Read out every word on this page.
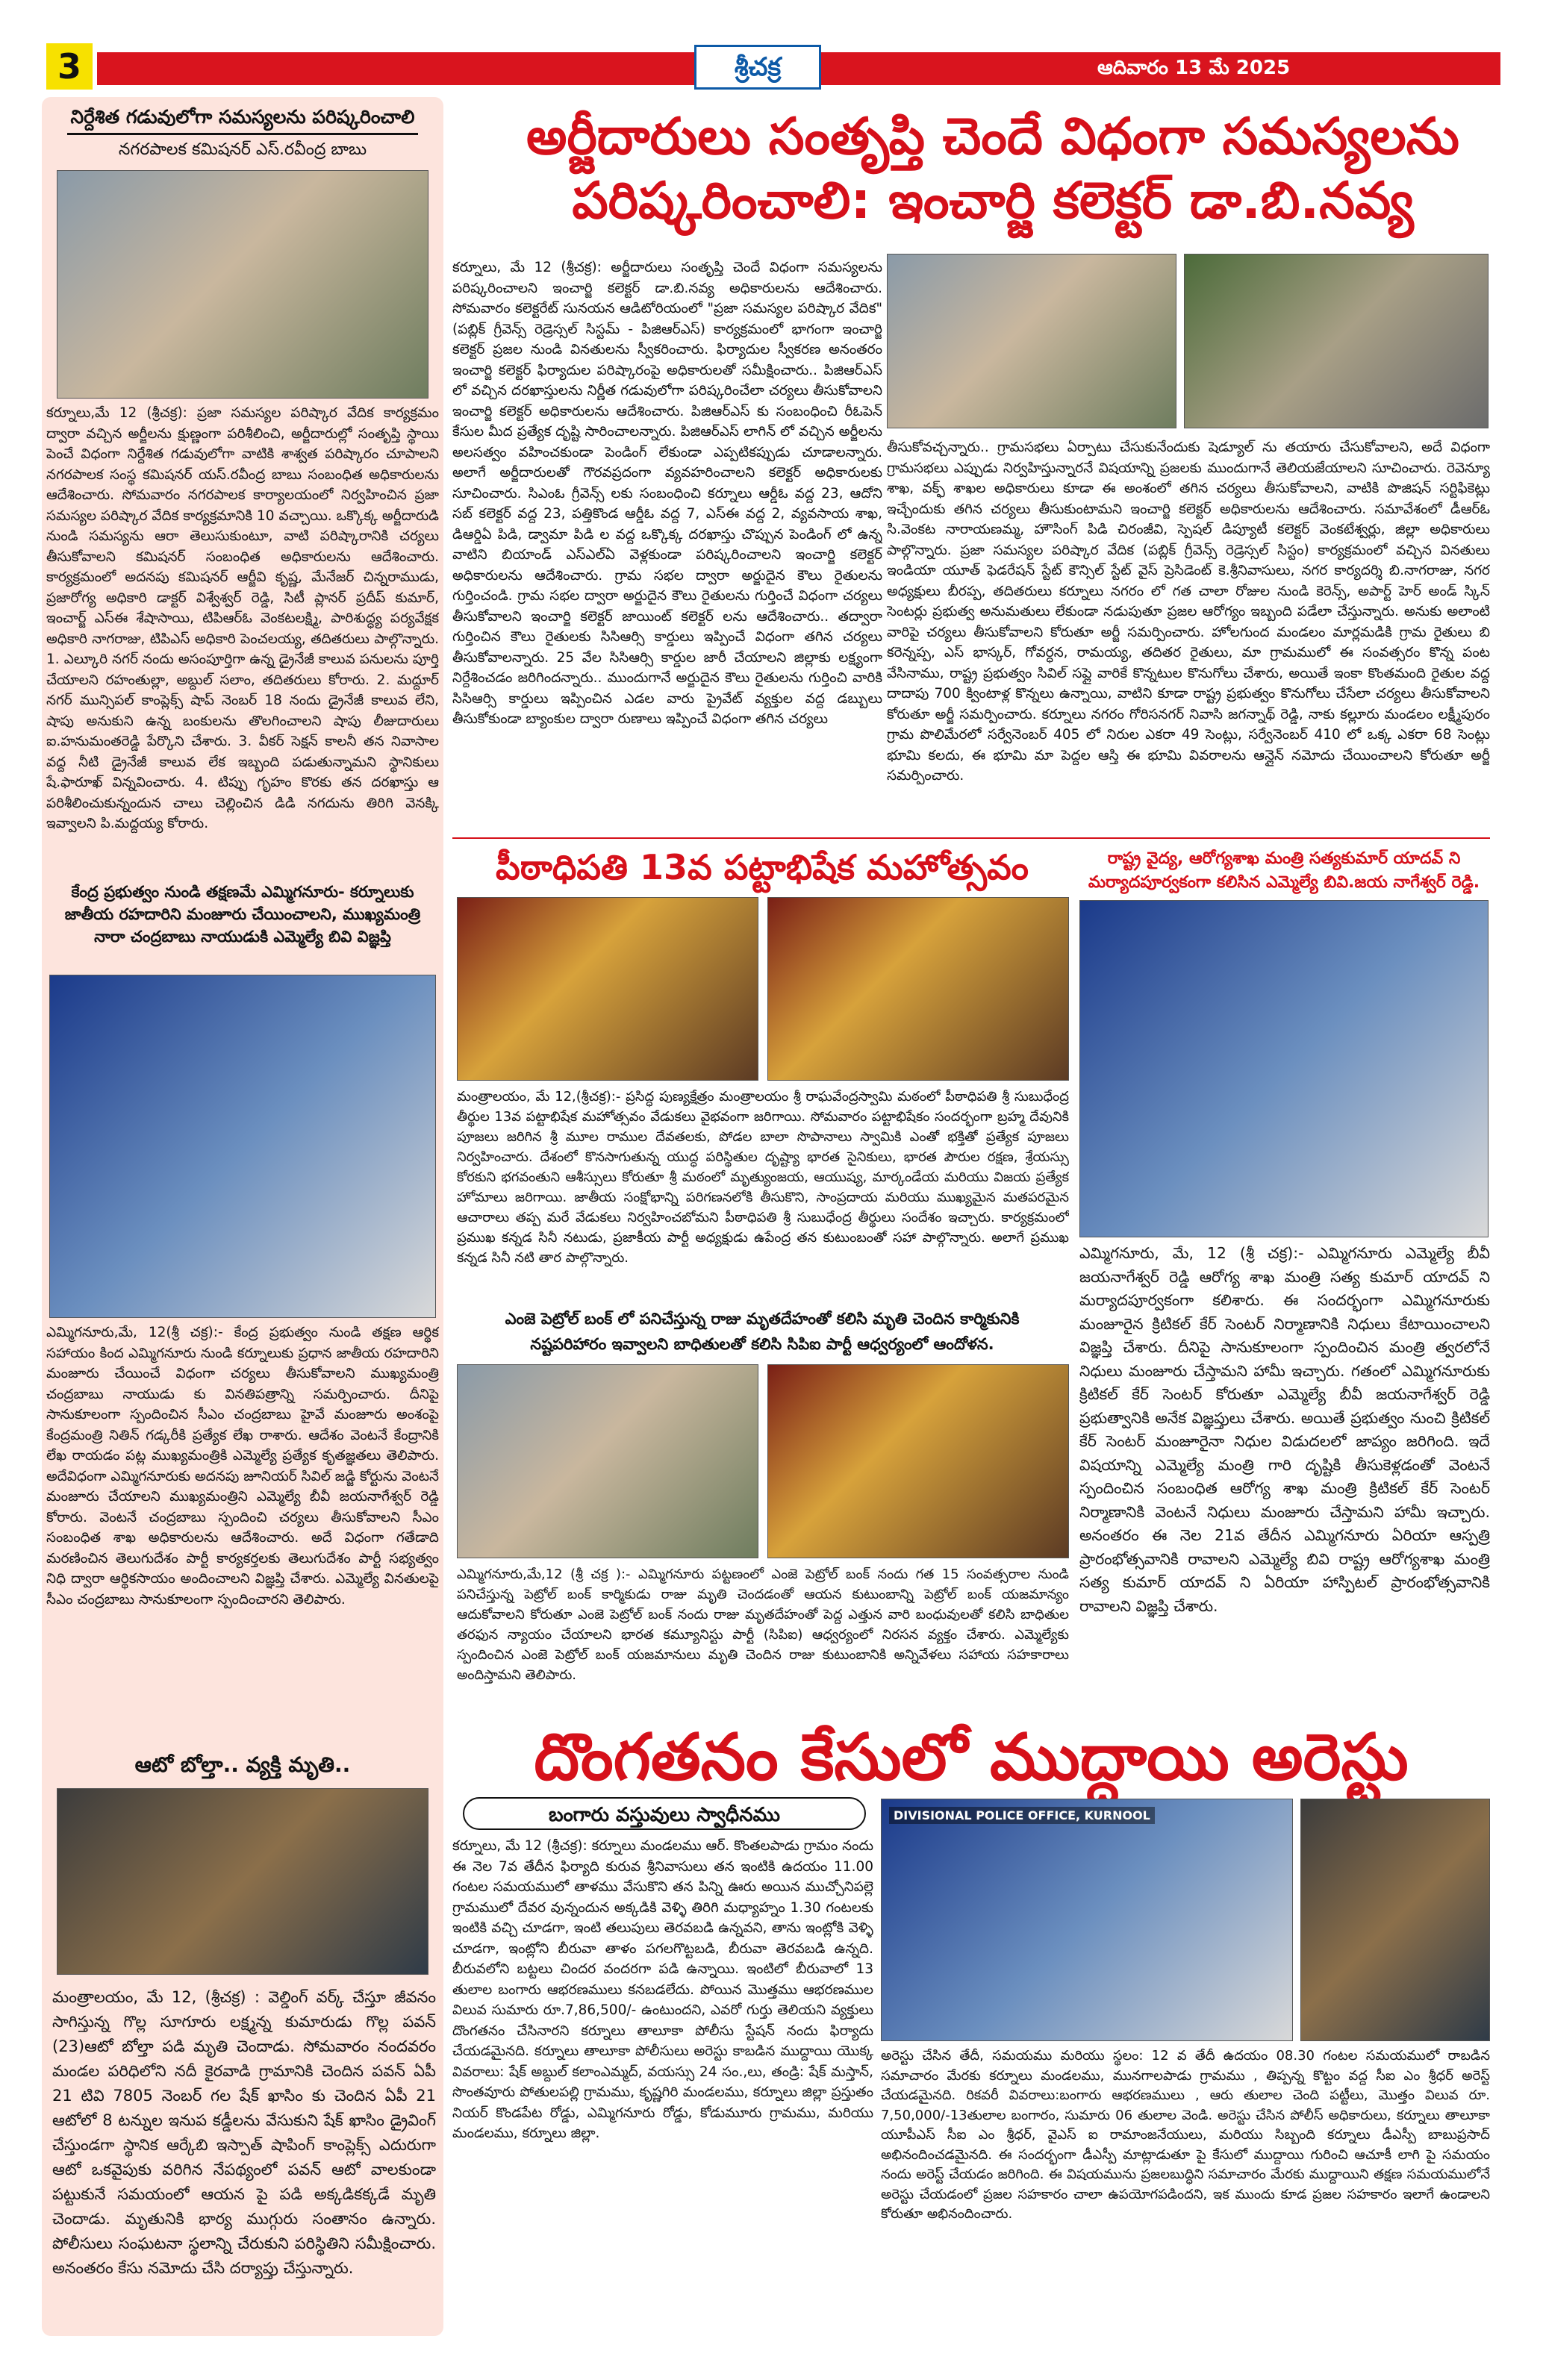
3	శ్రీచక్ర	ఆదివారం 13 మే 2025
నిర్దేశిత గడువులోగా సమస్యలను పరిష్కరించాలి
నగరపాలక కమిషనర్ ఎస్.రవీంద్ర బాబు
కర్నూలు,మే 12 (శ్రీచక్ర): ప్రజా సమస్యల పరిష్కార వేదిక కార్యక్రమం ద్వారా వచ్చిన అర్జీలను క్షుణ్ణంగా పరిశీలించి, అర్జీదారుల్లో సంతృప్తి స్థాయి పెంచే విధంగా నిర్దేశిత గడువులోగా వాటికి శాశ్వత పరిష్కారం చూపాలని నగరపాలక సంస్థ కమిషనర్ యస్.రవీంద్ర బాబు సంబంధిత అధికారులను ఆదేశించారు. సోమవారం నగరపాలక కార్యాలయంలో నిర్వహించిన ప్రజా సమస్యల పరిష్కార వేదిక కార్యక్రమానికి 10 వచ్చాయి. ఒక్కొక్క అర్జీదారుడి నుండి సమస్యను ఆరా తెలుసుకుంటూ, వాటి పరిష్కారానికి చర్యలు తీసుకోవాలని కమిషనర్ సంబంధిత అధికారులను ఆదేశించారు. కార్యక్రమంలో అదనపు కమిషనర్ ఆర్జీవి కృష్ణ, మేనేజర్ చిన్నరాముడు, ప్రజారోగ్య అధికారి డాక్టర్ విశ్వేశ్వర్ రెడ్డి, సిటీ ప్లానర్ ప్రదీప్ కుమార్, ఇంచార్జ్ ఎస్ఈ శేషాసాయి, టిపిఆర్ఓ వెంకటలక్ష్మి, పారిశుద్ధ్య పర్యవేక్షక అధికారి నాగరాజు, టిపిఎస్ అధికారి పెంచలయ్య, తదితరులు పాల్గొన్నారు. 1. ఎల్కూరి నగర్ నందు అసంపూర్తిగా ఉన్న డ్రైనేజీ కాలువ పనులను పూర్తి చేయాలని రహంతుల్లా, అబ్దుల్ సలాం, తదితరులు కోరారు. 2. మద్దూర్ నగర్ మున్సిపల్ కాంప్లెక్స్ షాప్ నెంబర్ 18 నందు డ్రైనేజీ కాలువ లేని, షాపు అనుకుని ఉన్న బంకులను తొలగించాలని షాపు లీజుదారులు ఐ.హనుమంతరెడ్డి పేర్కొని చేశారు. 3. వీకర్ సెక్షన్ కాలనీ తన నివాసాల వద్ద నీటి డ్రైనేజీ కాలువ లేక ఇబ్బంది పడుతున్నామని స్థానికులు షే.ఫారూఖ్ విన్నవించారు. 4. టిప్పు గృహం కొరకు తన దరఖాస్తు ఆ పరిశీలించుకున్నందున చాలు చెల్లించిన డిడి నగదును తిరిగి వెనక్కి ఇవ్వాలని పి.మద్దయ్య కోరారు.
కేంద్ర ప్రభుత్వం నుండి తక్షణమే ఎమ్మిగనూరు- కర్నూలుకు జాతీయ రహదారిని మంజూరు చేయించాలని, ముఖ్యమంత్రి నారా చంద్రబాబు నాయుడుకి ఎమ్మెల్యే బివి విజ్ఞప్తి
ఎమ్మిగనూరు,మే, 12(శ్రీ చక్ర):- కేంద్ర ప్రభుత్వం నుండి తక్షణ ఆర్థిక సహాయం కింద ఎమ్మిగనూరు నుండి కర్నూలుకు ప్రధాన జాతీయ రహదారిని మంజూరు చేయించే విధంగా చర్యలు తీసుకోవాలని ముఖ్యమంత్రి చంద్రబాబు నాయుడు కు వినతిపత్రాన్ని సమర్పించారు. దీనిపై సానుకూలంగా స్పందించిన సీఎం చంద్రబాబు హైవే మంజూరు అంశంపై కేంద్రమంత్రి నితిన్ గడ్కరీకి ప్రత్యేక లేఖ రాశారు. ఆదేశం వెంటనే కేంద్రానికి లేఖ రాయడం పట్ల ముఖ్యమంత్రికి ఎమ్మెల్యే ప్రత్యేక కృతజ్ఞతలు తెలిపారు. అదేవిధంగా ఎమ్మిగనూరుకు అదనపు జూనియర్ సివిల్ జడ్జి కోర్టును వెంటనే మంజూరు చేయాలని ముఖ్యమంత్రిని ఎమ్మెల్యే బీవీ జయనాగేశ్వర్ రెడ్డి కోరారు. వెంటనే చంద్రబాబు స్పందించి చర్యలు తీసుకోవాలని సీఎం సంబంధిత శాఖ అధికారులను ఆదేశించారు. అదే విధంగా గతేడాది మరణించిన తెలుగుదేశం పార్టీ కార్యకర్తలకు తెలుగుదేశం పార్టీ సభ్యత్వం నిధి ద్వారా ఆర్థికసాయం అందించాలని విజ్ఞప్తి చేశారు. ఎమ్మెల్యే వినతులపై సీఎం చంద్రబాబు సానుకూలంగా స్పందించారని తెలిపారు.
ఆటో బోల్తా.. వ్యక్తి మృతి..
మంత్రాలయం, మే 12, (శ్రీచక్ర) : వెల్డింగ్ వర్క్ చేస్తూ జీవనం సాగిస్తున్న గొల్ల సూగూరు లక్ష్మన్న కుమారుడు గొల్ల పవన్ (23)ఆటో బోల్తా పడి మృతి చెందాడు. సోమవారం నందవరం మండల పరిధిలోని నదీ కైరవాడి గ్రామానికి చెందిన పవన్ ఏపీ 21 టివి 7805 నెంబర్ గల షేక్ ఖాసిం కు చెందిన ఏపీ 21 ఆటోలో 8 టన్నుల ఇనుప కడ్డీలను వేసుకుని షేక్ ఖాసిం డ్రైవింగ్ చేస్తుండగా స్థానిక ఆర్కేబి ఇస్పాత్ షాపింగ్ కాంప్లెక్స్ ఎదురుగా ఆటో ఒకవైపుకు వరిగిన నేపథ్యంలో పవన్ ఆటో వాలకుండా పట్టుకునే సమయంలో ఆయన పై పడి అక్కడికక్కడే మృతి చెందాడు. మృతునికి భార్య ముగ్గురు సంతానం ఉన్నారు. పోలీసులు సంఘటనా స్థలాన్ని చేరుకుని పరిస్థితిని సమీక్షించారు. అనంతరం కేసు నమోదు చేసి దర్యాప్తు చేస్తున్నారు.
అర్జీదారులు సంతృప్తి చెందే విధంగా సమస్యలను
పరిష్కరించాలి: ఇంచార్జి కలెక్టర్ డా.బి.నవ్య
కర్నూలు, మే 12 (శ్రీచక్ర): అర్జీదారులు సంతృప్తి చెందే విధంగా సమస్యలను పరిష్కరించాలని ఇంచార్జి కలెక్టర్ డా.బి.నవ్య అధికారులను ఆదేశించారు. సోమవారం కలెక్టరేట్ సునయన ఆడిటోరియంలో "ప్రజా సమస్యల పరిష్కార వేదిక" (పబ్లిక్ గ్రీవెన్స్ రెడ్రెస్సల్ సిస్టమ్ - పిజిఆర్ఎస్) కార్యక్రమంలో భాగంగా ఇంచార్జి కలెక్టర్ ప్రజల నుండి వినతులను స్వీకరించారు. ఫిర్యాదుల స్వీకరణ అనంతరం ఇంచార్జి కలెక్టర్ ఫిర్యాదుల పరిష్కారంపై అధికారులతో సమీక్షించారు.. పిజిఆర్ఎస్ లో వచ్చిన దరఖాస్తులను నిర్ణీత గడువులోగా పరిష్కరించేలా చర్యలు తీసుకోవాలని ఇంచార్జి కలెక్టర్ అధికారులను ఆదేశించారు. పిజిఆర్ఎస్ కు సంబంధించి రీఓపెన్ కేసుల మీద ప్రత్యేక దృష్టి సారించాలన్నారు. పిజిఆర్ఎస్ లాగిన్ లో వచ్చిన అర్జీలను అలసత్వం వహించకుండా పెండింగ్ లేకుండా ఎప్పటికప్పుడు చూడాలన్నారు. అలాగే అర్జీదారులతో గౌరవప్రదంగా వ్యవహరించాలని కలెక్టర్ అధికారులకు సూచించారు. సిఎంఓ గ్రీవెన్స్ లకు సంబంధించి కర్నూలు ఆర్డీఓ వద్ద 23, ఆదోని సబ్ కలెక్టర్ వద్ద 23, పత్తికొండ ఆర్డీఓ వద్ద 7, ఎస్ఈ వద్ద 2, వ్యవసాయ శాఖ, డిఆర్డిఏ పిడి, డ్వామా పిడి ల వద్ద ఒక్కొక్క దరఖాస్తు చొప్పున పెండింగ్ లో ఉన్న వాటిని బియాండ్ ఎస్ఎల్ఏ వెళ్లకుండా పరిష్కరించాలని ఇంచార్జి కలెక్టర్ అధికారులను ఆదేశించారు. గ్రామ సభల ద్వారా అర్జుదైన కౌలు రైతులను గుర్తించండి. గ్రామ సభల ద్వారా అర్జుదైన కౌలు రైతులను గుర్తించే విధంగా చర్యలు తీసుకోవాలని ఇంచార్జి కలెక్టర్ జాయింట్ కలెక్టర్ లను ఆదేశించారు.. తద్వారా గుర్తించిన కౌలు రైతులకు సిసిఆర్సి కార్డులు ఇప్పించే విధంగా తగిన చర్యలు తీసుకోవాలన్నారు. 25 వేల సిసిఆర్సి కార్డుల జారీ చేయాలని జిల్లాకు లక్ష్యంగా నిర్దేశించడం జరిగిందన్నారు.. ముందుగానే అర్జుదైన కౌలు రైతులను గుర్తించి వారికి సిసిఆర్సి కార్డులు ఇప్పించిన ఎడల వారు ప్రైవేట్ వ్యక్తుల వద్ద డబ్బులు తీసుకోకుండా బ్యాంకుల ద్వారా రుణాలు ఇప్పించే విధంగా తగిన చర్యలు
తీసుకోవచ్చన్నారు.. గ్రామసభలు ఏర్పాటు చేసుకునేందుకు షెడ్యూల్ ను తయారు చేసుకోవాలని, అదే విధంగా గ్రామసభలు ఎప్పుడు నిర్వహిస్తున్నారనే విషయాన్ని ప్రజలకు ముందుగానే తెలియజేయాలని సూచించారు. రెవెన్యూ శాఖ, వక్ఫ్ శాఖల అధికారులు కూడా ఈ అంశంలో తగిన చర్యలు తీసుకోవాలని, వాటికి పొజిషన్ సర్టిఫికెట్లు ఇచ్చేందుకు తగిన చర్యలు తీసుకుంటామని ఇంచార్జి కలెక్టర్ అధికారులను ఆదేశించారు. సమావేశంలో డీఆర్ఓ సి.వెంకట నారాయణమ్మ, హౌసింగ్ పిడి చిరంజీవి, స్పెషల్ డిప్యూటీ కలెక్టర్ వెంకటేశ్వర్లు, జిల్లా అధికారులు పాల్గొన్నారు. ప్రజా సమస్యల పరిష్కార వేదిక (పబ్లిక్ గ్రీవెన్స్ రెడ్రెస్సల్ సిస్టం) కార్యక్రమంలో వచ్చిన వినతులు ఇండియా యూత్ ఫెడరేషన్ స్టేట్ కౌన్సిల్ స్టేట్ వైస్ ప్రెసిడెంట్ కె.శ్రీనివాసులు, నగర కార్యదర్శి బి.నాగరాజు, నగర అధ్యక్షులు బీరప్ప, తదితరులు కర్నూలు నగరం లో గత చాలా రోజుల నుండి కెరెన్స్, అపార్ట్ హెర్ అండ్ స్కిన్ సెంటర్లు ప్రభుత్వ అనుమతులు లేకుండా నడుపుతూ ప్రజల ఆరోగ్యం ఇబ్బంది పడేలా చేస్తున్నారు. అనుకు అలాంటి వారిపై చర్యలు తీసుకోవాలని కోరుతూ అర్జీ సమర్పించారు. హోలగుంద మండలం మార్లమడికి గ్రామ రైతులు బి కరెన్నప్ప, ఎస్ భాస్కర్, గోవర్ధన, రామయ్య, తదితర రైతులు, మా గ్రామములో ఈ సంవత్సరం కొన్న పంట వేసినాము, రాష్ట్ర ప్రభుత్వం సివిల్ సప్లై వారికే కొన్నటుల కొనుగోలు చేశారు, అయితే ఇంకా కొంతమంది రైతుల వద్ద దాదాపు 700 క్వింటాళ్ల కొన్నలు ఉన్నాయి, వాటిని కూడా రాష్ట్ర ప్రభుత్వం కొనుగోలు చేసేలా చర్యలు తీసుకోవాలని కోరుతూ అర్జీ సమర్పించారు. కర్నూలు నగరం గోరిసనగర్ నివాసి జగన్నాథ్ రెడ్డి, నాకు కల్లూరు మండలం లక్ష్మీపురం గ్రామ పొలిమేరలో సర్వేనెంబర్ 405 లో నిరుల ఎకరా 49 సెంట్లు, సర్వేనెంబర్ 410 లో ఒక్క ఎకరా 68 సెంట్లు భూమి కలదు, ఈ భూమి మా పెద్దల ఆస్తి ఈ భూమి వివరాలను ఆన్లైన్ నమోదు చేయించాలని కోరుతూ అర్జీ సమర్పించారు.
పీఠాధిపతి 13వ పట్టాభిషేక మహోత్సవం
మంత్రాలయం, మే 12,(శ్రీచక్ర):- ప్రసిద్ధ పుణ్యక్షేత్రం మంత్రాలయం శ్రీ రాఘవేంద్రస్వామి మఠంలో పీఠాధిపతి శ్రీ సుబుధేంద్ర తీర్థుల 13వ పట్టాభిషేక మహోత్సవం వేడుకలు వైభవంగా జరిగాయి. సోమవారం పట్టాభిషేకం సందర్భంగా బ్రహ్మ దేవునికి పూజలు జరిగిన శ్రీ మూల రాముల దేవతలకు, పోడల బాలా సొపానాలు స్వామికి ఎంతో భక్తితో ప్రత్యేక పూజలు నిర్వహించారు. దేశంలో కొనసాగుతున్న యుద్ధ పరిస్థితుల దృష్ట్యా భారత సైనికులు, భారత పౌరుల రక్షణ, శ్రేయస్సు కోరకుని భగవంతుని ఆశీస్సులు కోరుతూ శ్రీ మఠంలో మృత్యుంజయ, ఆయుష్య, మార్కండేయ మరియు విజయ ప్రత్యేక హోమాలు జరిగాయి. జాతీయ సంక్షోభాన్ని పరిగణనలోకి తీసుకొని, సాంప్రదాయ మరియు ముఖ్యమైన మతపరమైన ఆచారాలు తప్ప మరే వేడుకలు నిర్వహించబోమని పీఠాధిపతి శ్రీ సుబుధేంద్ర తీర్థులు సందేశం ఇచ్చారు. కార్యక్రమంలో ప్రముఖ కన్నడ సినీ నటుడు, ప్రజాకీయ పార్టీ అధ్యక్షుడు ఉపేంద్ర తన కుటుంబంతో సహా పాల్గొన్నారు. అలాగే ప్రముఖ కన్నడ సినీ నటి తార పాల్గొన్నారు.
ఎంజె పెట్రోల్ బంక్ లో పనిచేస్తున్న రాజు మృతదేహంతో కలిసి మృతి చెందిన కార్మికునికి
నష్టపరిహారం ఇవ్వాలని బాధితులతో కలిసి సిపిఐ పార్టీ ఆధ్వర్యంలో ఆందోళన.
ఎమ్మిగనూరు,మే,12 (శ్రీ చక్ర ):- ఎమ్మిగనూరు పట్టణంలో ఎంజె పెట్రోల్ బంక్ నందు గత 15 సంవత్సరాల నుండి పనిచేస్తున్న పెట్రోల్ బంక్ కార్మికుడు రాజు మృతి చెందడంతో ఆయన కుటుంబాన్ని పెట్రోల్ బంక్ యజమాన్యం ఆదుకోవాలని కోరుతూ ఎంజె పెట్రోల్ బంక్ నందు రాజు మృతదేహంతో పెద్ద ఎత్తున వారి బంధువులతో కలిసి బాధితుల తరఫున న్యాయం చేయాలని భారత కమ్యూనిస్టు పార్టీ (సిపిఐ) ఆధ్వర్యంలో నిరసన వ్యక్తం చేశారు. ఎమ్మెల్యేకు స్పందించిన ఎంజె పెట్రోల్ బంక్ యజమానులు మృతి చెందిన రాజు కుటుంబానికి అన్నివేళలు సహాయ సహకారాలు అందిస్తామని తెలిపారు.
రాష్ట్ర వైద్య, ఆరోగ్యశాఖ మంత్రి సత్యకుమార్ యాదవ్ ని
మర్యాదపూర్వకంగా కలిసిన ఎమ్మెల్యే బివి.జయ నాగేశ్వర్ రెడ్డి.
ఎమ్మిగనూరు, మే, 12 (శ్రీ చక్ర):- ఎమ్మిగనూరు ఎమ్మెల్యే బీవీ జయనాగేశ్వర్ రెడ్డి ఆరోగ్య శాఖ మంత్రి సత్య కుమార్ యాదవ్ ని మర్యాదపూర్వకంగా కలిశారు. ఈ సందర్భంగా ఎమ్మిగనూరుకు మంజూరైన క్రిటికల్ కేర్ సెంటర్ నిర్మాణానికి నిధులు కేటాయించాలని విజ్ఞప్తి చేశారు. దీనిపై సానుకూలంగా స్పందించిన మంత్రి త్వరలోనే నిధులు మంజూరు చేస్తామని హామీ ఇచ్చారు. గతంలో ఎమ్మిగనూరుకు క్రిటికల్ కేర్ సెంటర్ కోరుతూ ఎమ్మెల్యే బీవీ జయనాగేశ్వర్ రెడ్డి ప్రభుత్వానికి అనేక విజ్ఞప్తులు చేశారు. అయితే ప్రభుత్వం నుంచి క్రిటికల్ కేర్ సెంటర్ మంజూరైనా నిధుల విడుదలలో జాప్యం జరిగింది. ఇదే విషయాన్ని ఎమ్మెల్యే మంత్రి గారి దృష్టికి తీసుకెళ్లడంతో వెంటనే స్పందించిన సంబంధిత ఆరోగ్య శాఖ మంత్రి క్రిటికల్ కేర్ సెంటర్ నిర్మాణానికి వెంటనే నిధులు మంజూరు చేస్తామని హామీ ఇచ్చారు. అనంతరం ఈ నెల 21వ తేదీన ఎమ్మిగనూరు ఏరియా ఆస్పత్రి ప్రారంభోత్సవానికి రావాలని ఎమ్మెల్యే బివి రాష్ట్ర ఆరోగ్యశాఖ మంత్రి సత్య కుమార్ యాదవ్ ని ఏరియా హాస్పిటల్ ప్రారంభోత్సవానికి రావాలని విజ్ఞప్తి చేశారు.
దొంగతనం కేసులో ముద్దాయి అరెస్టు
బంగారు వస్తువులు స్వాధీనము
కర్నూలు, మే 12 (శ్రీచక్ర): కర్నూలు మండలము ఆర్. కొంతలపాడు గ్రామం నందు ఈ నెల 7వ తేదీన ఫిర్యాది కురువ శ్రీనివాసులు తన ఇంటికి ఉదయం 11.00 గంటల సమయములో తాళము వేసుకొని తన పిన్ని ఊరు అయిన ముచ్చోనిపల్లె గ్రామములో దేవర వున్నందున అక్కడికి వెళ్ళి తిరిగి మధ్యాహ్నం 1.30 గంటలకు ఇంటికి వచ్చి చూడగా, ఇంటి తలుపులు తెరవబడి ఉన్నవని, తాను ఇంట్లోకి వెళ్ళి చూడగా, ఇంట్లోని బీరువా తాళం పగలగొట్టబడి, బీరువా తెరవబడి ఉన్నది. బీరువలోని బట్టలు చిందర వందరగా పడి ఉన్నాయి. ఇంటిలో బీరువాలో 13 తులాల బంగారు ఆభరణములు కనబడలేదు. పోయిన మొత్తము ఆభరణముల విలువ సుమారు రూ.7,86,500/- ఉంటుందని, ఎవరో గుర్తు తెలియని వ్యక్తులు దొంగతనం చేసినారని కర్నూలు తాలూకా పోలీసు స్టేషన్ నందు ఫిర్యాదు చేయడమైనది. కర్నూలు తాలూకా పోలీసులు అరెస్టు కాబడిన ముద్దాయి యొక్క వివరాలు: షేక్ అబ్దుల్ కలాంఎమ్మద్, వయస్సు 24 సం.,లు, తండ్రి: షేక్ మస్తాన్, సొంతవూరు పోతులపల్లి గ్రామము, కృష్ణగిరి మండలము, కర్నూలు జిల్లా ప్రస్తుతం నియర్ కొండపేట రోడ్డు, ఎమ్మిగనూరు రోడ్డు, కోడుమూరు గ్రామము, మరియు మండలము, కర్నూలు జిల్లా.
DIVISIONAL POLICE OFFICE, KURNOOL
అరెస్టు చేసిన తేదీ, సమయము మరియు స్థలం: 12 వ తేదీ ఉదయం 08.30 గంటల సమయములో రాబడిన సమాచారం మేరకు కర్నూలు మండలము, మునగాలపాడు గ్రామము , తిప్పన్న కొట్టం వద్ద సీఐ ఎం శ్రీధర్ అరెస్ట్ చేయడమైనది. రికవరీ వివరాలు:బంగారు ఆభరణములు , ఆరు తులాల చెంది పట్టీలు, మొత్తం విలువ రూ. 7,50,000/-13తులాల బంగారం, సుమారు 06 తులాల వెండి. అరెస్టు చేసిన పోలీస్ అధికారులు, కర్నూలు తాలూకా యూపీఎస్ సీఐ ఎం శ్రీధర్, వైఎస్ ఐ రామాంజనేయులు, మరియు సిబ్బంది కర్నూలు డీఎస్పీ బాబుప్రసాద్ అభినందించడమైనది. ఈ సందర్భంగా డీఎస్పీ మాట్లాడుతూ పై కేసులో ముద్దాయి గురించి ఆచూకీ లాగి పై సమయం నందు అరెస్ట్ చేయడం జరిగింది. ఈ విషయమును ప్రజలబుద్ధిని సమాచారం మేరకు ముద్దాయిని తక్షణ సమయములోనే అరెస్టు చేయడంలో ప్రజల సహకారం చాలా ఉపయోగపడిందని, ఇక ముందు కూడ ప్రజల సహకారం ఇలాగే ఉండాలని కోరుతూ అభినందించారు.
